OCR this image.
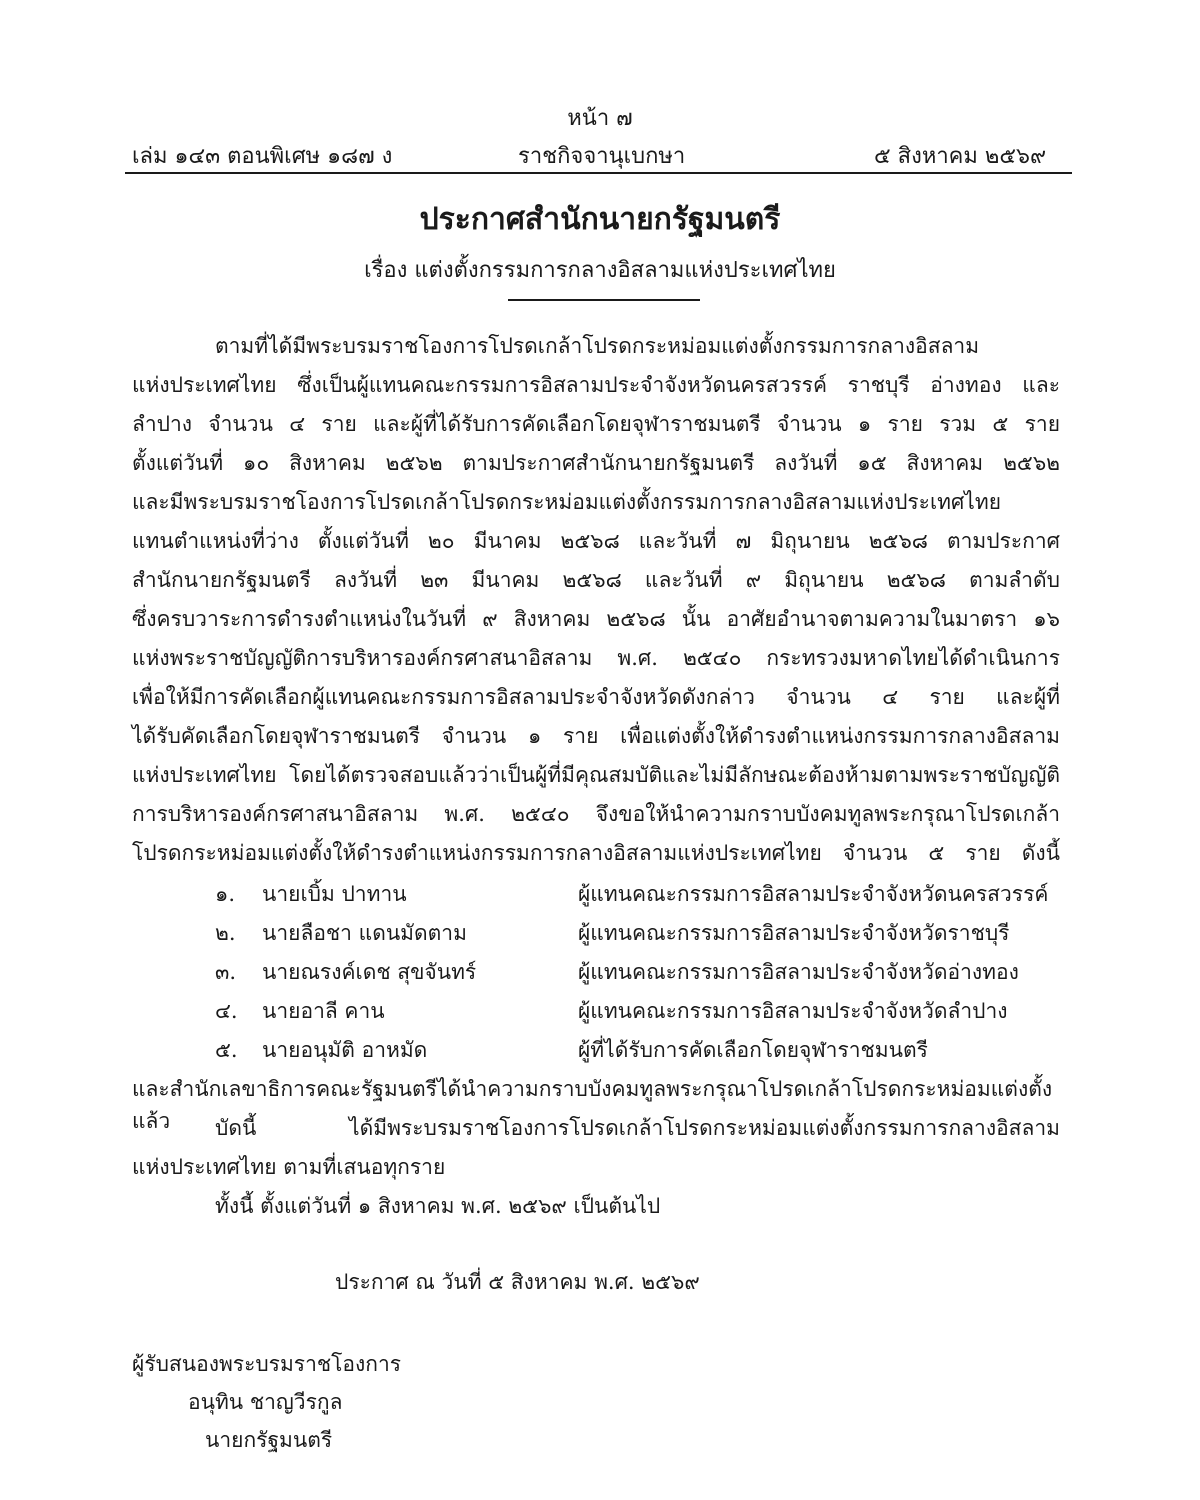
หน้า ๗
เล่ม ๑๔๓ ตอนพิเศษ ๑๘๗ ง	ราชกิจจานุเบกษา	๕ สิงหาคม ๒๕๖๙
ประกาศสำนักนายกรัฐมนตรี
เรื่อง แต่งตั้งกรรมการกลางอิสลามแห่งประเทศไทย
ตามที่ได้มีพระบรมราชโองการโปรดเกล้าโปรดกระหม่อมแต่งตั้งกรรมการกลางอิสลาม
แห่งประเทศไทย ซึ่งเป็นผู้แทนคณะกรรมการอิสลามประจำจังหวัดนครสวรรค์ ราชบุรี อ่างทอง และ
ลำปาง จำนวน ๔ ราย และผู้ที่ได้รับการคัดเลือกโดยจุฬาราชมนตรี จำนวน ๑ ราย รวม ๕ ราย
ตั้งแต่วันที่ ๑๐ สิงหาคม ๒๕๖๒ ตามประกาศสำนักนายกรัฐมนตรี ลงวันที่ ๑๕ สิงหาคม ๒๕๖๒
และมีพระบรมราชโองการโปรดเกล้าโปรดกระหม่อมแต่งตั้งกรรมการกลางอิสลามแห่งประเทศไทย
แทนตำแหน่งที่ว่าง ตั้งแต่วันที่ ๒๐ มีนาคม ๒๕๖๘ และวันที่ ๗ มิถุนายน ๒๕๖๘ ตามประกาศ
สำนักนายกรัฐมนตรี ลงวันที่ ๒๓ มีนาคม ๒๕๖๘ และวันที่ ๙ มิถุนายน ๒๕๖๘ ตามลำดับ
ซึ่งครบวาระการดำรงตำแหน่งในวันที่ ๙ สิงหาคม ๒๕๖๘ นั้น อาศัยอำนาจตามความในมาตรา ๑๖
แห่งพระราชบัญญัติการบริหารองค์กรศาสนาอิสลาม พ.ศ. ๒๕๔๐ กระทรวงมหาดไทยได้ดำเนินการ
เพื่อให้มีการคัดเลือกผู้แทนคณะกรรมการอิสลามประจำจังหวัดดังกล่าว จำนวน ๔ ราย และผู้ที่
ได้รับคัดเลือกโดยจุฬาราชมนตรี จำนวน ๑ ราย เพื่อแต่งตั้งให้ดำรงตำแหน่งกรรมการกลางอิสลาม
แห่งประเทศไทย โดยได้ตรวจสอบแล้วว่าเป็นผู้ที่มีคุณสมบัติและไม่มีลักษณะต้องห้ามตามพระราชบัญญัติ
การบริหารองค์กรศาสนาอิสลาม พ.ศ. ๒๕๔๐ จึงขอให้นำความกราบบังคมทูลพระกรุณาโปรดเกล้า
โปรดกระหม่อมแต่งตั้งให้ดำรงตำแหน่งกรรมการกลางอิสลามแห่งประเทศไทย จำนวน ๕ ราย ดังนี้
๑. นายเบิ้ม ปาทาน	ผู้แทนคณะกรรมการอิสลามประจำจังหวัดนครสวรรค์
๒. นายลือชา แดนมัดตาม	ผู้แทนคณะกรรมการอิสลามประจำจังหวัดราชบุรี
๓. นายณรงค์เดช สุขจันทร์	ผู้แทนคณะกรรมการอิสลามประจำจังหวัดอ่างทอง
๔. นายอาลี คาน	ผู้แทนคณะกรรมการอิสลามประจำจังหวัดลำปาง
๕. นายอนุมัติ อาหมัด	ผู้ที่ได้รับการคัดเลือกโดยจุฬาราชมนตรี
และสำนักเลขาธิการคณะรัฐมนตรีได้นำความกราบบังคมทูลพระกรุณาโปรดเกล้าโปรดกระหม่อมแต่งตั้งแล้ว	บัดนี้ ได้มีพระบรมราชโองการโปรดเกล้าโปรดกระหม่อมแต่งตั้งกรรมการกลางอิสลาม
แห่งประเทศไทย ตามที่เสนอทุกราย
ทั้งนี้ ตั้งแต่วันที่ ๑ สิงหาคม พ.ศ. ๒๕๖๙ เป็นต้นไป
ประกาศ ณ วันที่ ๕ สิงหาคม พ.ศ. ๒๕๖๙
ผู้รับสนองพระบรมราชโองการ
อนุทิน ชาญวีรกูล
นายกรัฐมนตรี
